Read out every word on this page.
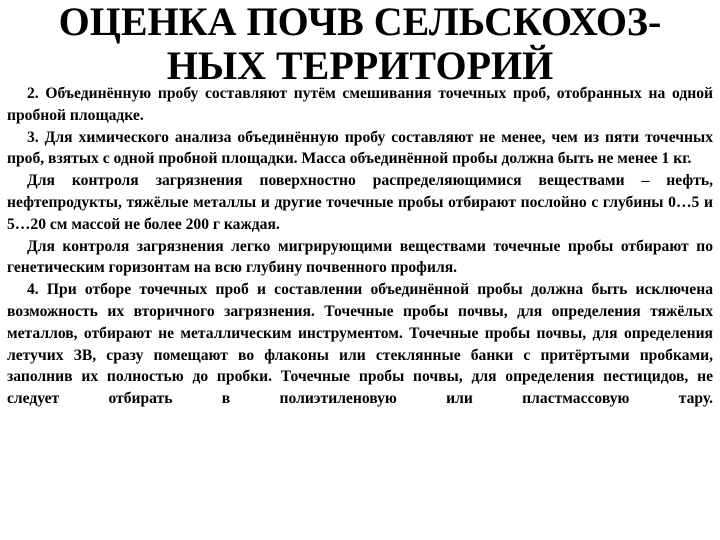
ОЦЕНКА ПОЧВ СЕЛЬСКОХОЗ-
НЫХ ТЕРРИТОРИЙ

2. Объединённую пробу составляют путём смешивания точечных проб, отобранных на одной пробной площадке.

3. Для химического анализа объединённую пробу составляют не менее, чем из пяти точечных проб, взятых с одной пробной площадки. Масса объединённой пробы должна быть не менее 1 кг.

Для контроля загрязнения поверхностно распределяющимися веществами – нефть, нефтепродукты, тяжёлые металлы и другие точечные пробы отбирают послойно с глубины 0…5 и 5…20 см массой не более 200 г каждая.

Для контроля загрязнения легко мигрирующими веществами точечные пробы отбирают по генетическим горизонтам на всю глубину почвенного профиля.

4. При отборе точечных проб и составлении объединённой пробы должна быть исключена возможность их вторичного загрязнения. Точечные пробы почвы, для определения тяжёлых металлов, отбирают не металлическим инструментом. Точечные пробы почвы, для определения летучих ЗВ, сразу помещают во флаконы или стеклянные банки с притёртыми пробками, заполнив их полностью до пробки. Точечные пробы почвы, для определения пестицидов, не следует отбирать в полиэтиленовую или пластмассовую тару.
